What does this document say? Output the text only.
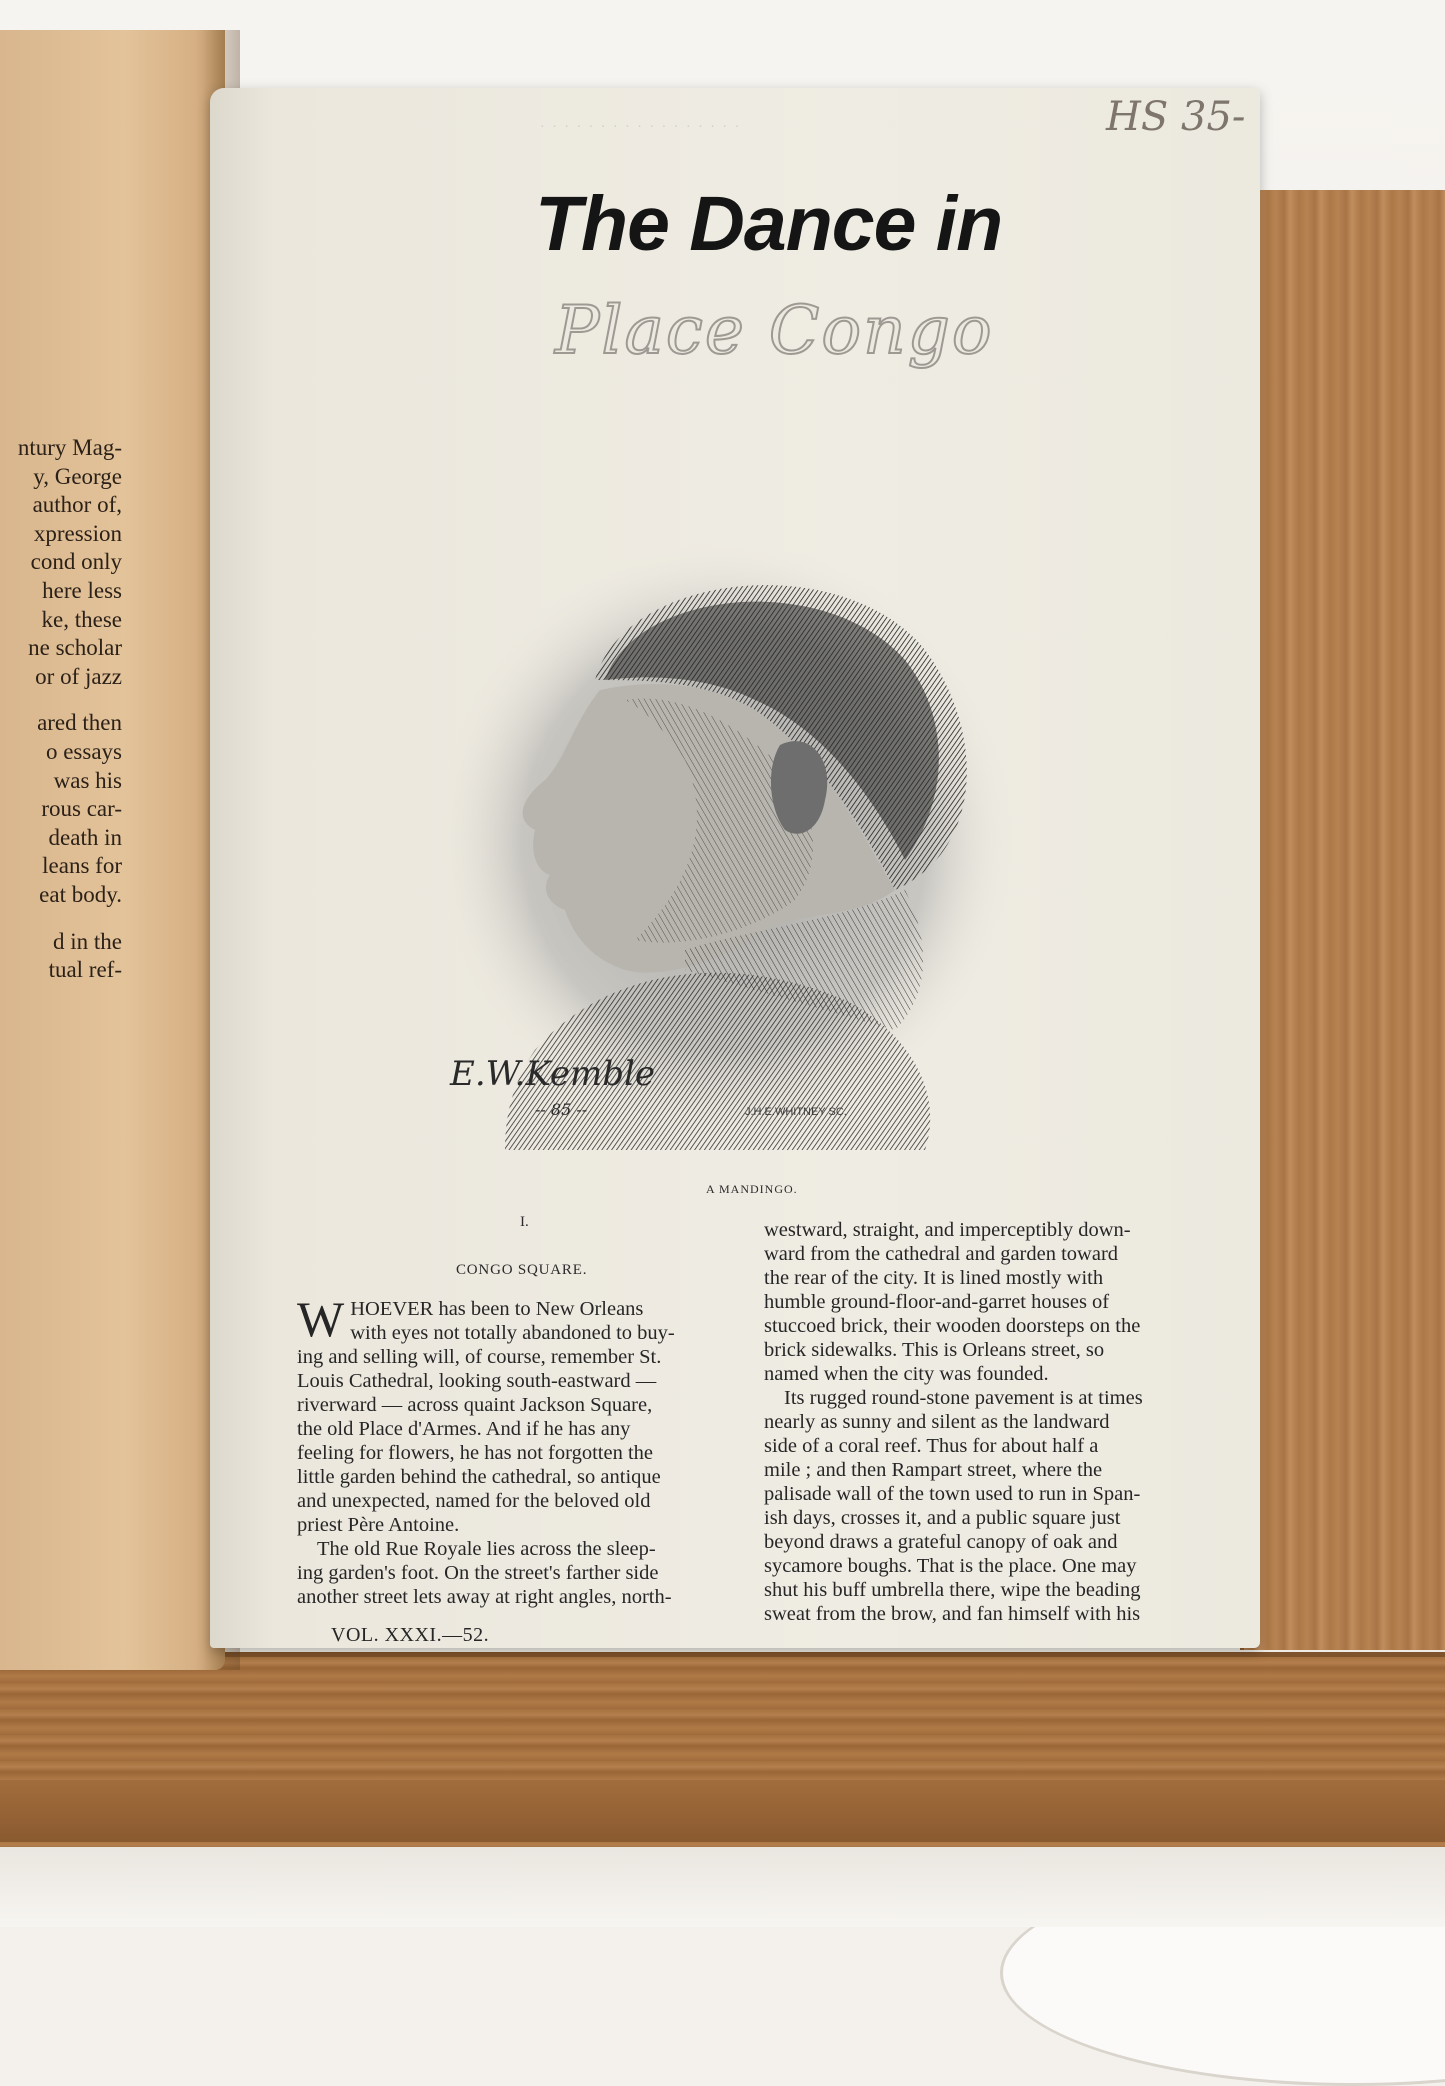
ntury Mag-
y, George
author of,
xpression
cond only
here less
ke, these
ne scholar
or of jazz
ared then
o essays
was his
rous car-
death in
leans for
eat body.
d in the
tual ref-
· · · · · · · · · · · · · · · · ·	HS 35-
The Dance in
Place Congo
E.W.Kemble
-- 85 --	J.H.E.WHITNEY SC.
A MANDINGO.
I.
CONGO SQUARE.
W HOEVER has been to New Orleans
with eyes not totally abandoned to buy-
ing and selling will, of course, remember St.
Louis Cathedral, looking south-eastward —
riverward — across quaint Jackson Square,
the old Place d'Armes. And if he has any
feeling for flowers, he has not forgotten the
little garden behind the cathedral, so antique
and unexpected, named for the beloved old
priest Père Antoine.
The old Rue Royale lies across the sleep-
ing garden's foot. On the street's farther side
another street lets away at right angles, north-
westward, straight, and imperceptibly down-
ward from the cathedral and garden toward
the rear of the city. It is lined mostly with
humble ground-floor-and-garret houses of
stuccoed brick, their wooden doorsteps on the
brick sidewalks. This is Orleans street, so
named when the city was founded.
Its rugged round-stone pavement is at times
nearly as sunny and silent as the landward
side of a coral reef. Thus for about half a
mile ; and then Rampart street, where the
palisade wall of the town used to run in Span-
ish days, crosses it, and a public square just
beyond draws a grateful canopy of oak and
sycamore boughs. That is the place. One may
shut his buff umbrella there, wipe the beading
sweat from the brow, and fan himself with his
VOL. XXXI.—52.
